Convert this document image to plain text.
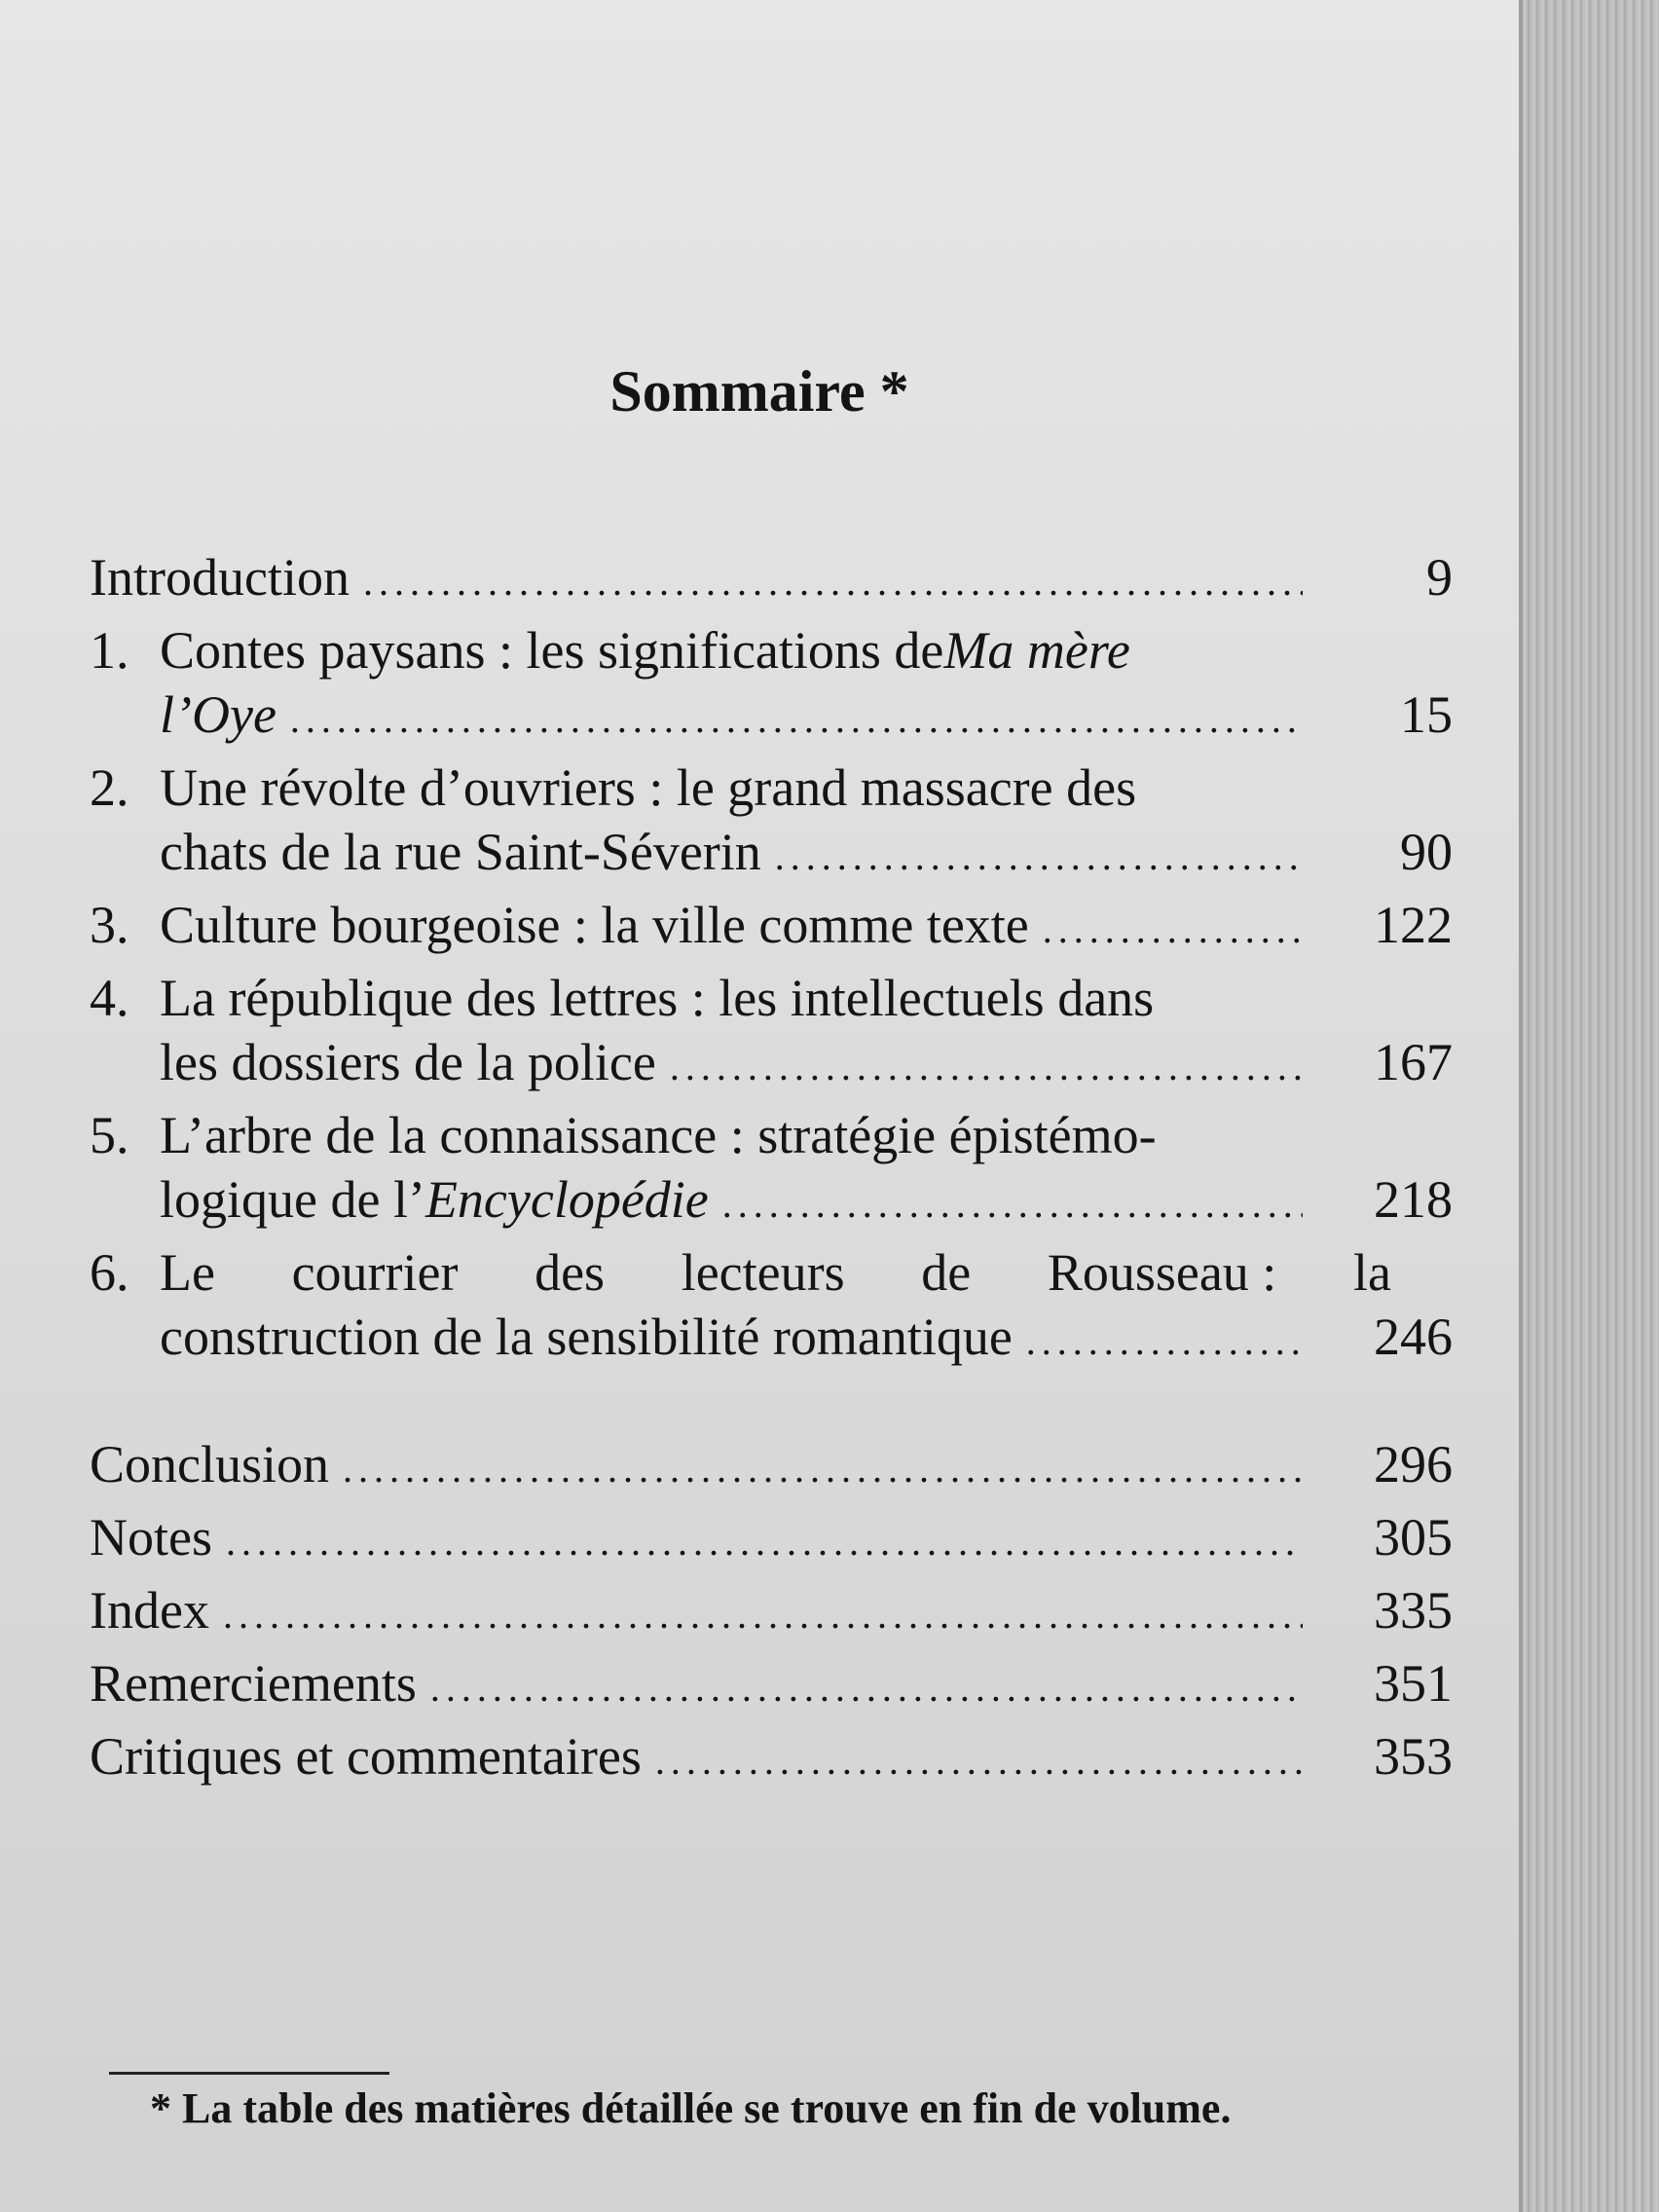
Sommaire *
Introduction .....	9
1. Contes paysans : les significations de Ma mère
l’Oye .....	15
2. Une révolte d’ouvriers : le grand massacre des
chats de la rue Saint-Séverin .....	90
3. Culture bourgeoise : la ville comme texte .....	122
4. La république des lettres : les intellectuels dans
les dossiers de la police .....	167
5. L’arbre de la connaissance : stratégie épistémo-
logique de l’Encyclopédie .....	218
6. Le courrier des lecteurs de Rousseau : la
construction de la sensibilité romantique .....	246
Conclusion .....	296
Notes .....	305
Index .....	335
Remerciements .....	351
Critiques et commentaires .....	353
* La table des matières détaillée se trouve en fin de volume.
